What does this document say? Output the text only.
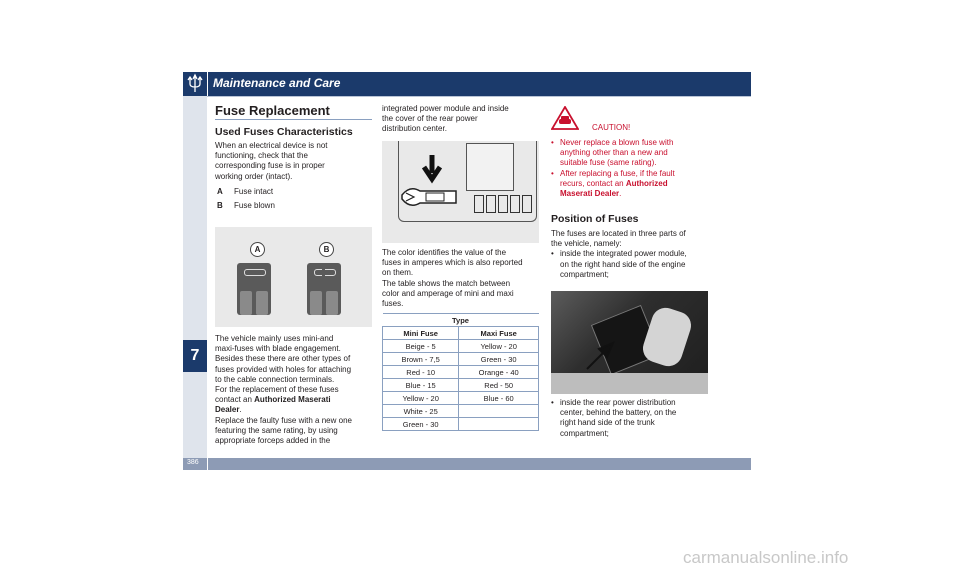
Maintenance and Care
7
Fuse Replacement
Used Fuses Characteristics
When an electrical device is not
functioning, check that the
corresponding fuse is in proper
working order (intact).
A Fuse intact
B Fuse blown
A	B
The vehicle mainly uses mini-and
maxi-fuses with blade engagement.
Besides these there are other types of
fuses provided with holes for attaching
to the cable connection terminals.
For the replacement of these fuses
contact an Authorized Maserati
Dealer.
Replace the faulty fuse with a new one
featuring the same rating, by using
appropriate forceps added in the
integrated power module and inside
the cover of the rear power
distribution center.
The color identifies the value of the
fuses in amperes which is also reported
on them.
The table shows the match between
color and amperage of mini and maxi
fuses.
Type	
Mini Fuse	Maxi Fuse
Beige - 5	Yellow - 20
Brown - 7,5	Green - 30
Red - 10	Orange - 40
Blue - 15	Red - 50
Yellow - 20	Blue - 60
White - 25	
Green - 30	
CAUTION!
• Never replace a blown fuse with
anything other than a new and
suitable fuse (same rating).
• After replacing a fuse, if the fault
recurs, contact an Authorized
Maserati Dealer.
Position of Fuses
The fuses are located in three parts of
the vehicle, namely:
• inside the integrated power module,
on the right hand side of the engine
compartment;
• inside the rear power distribution
center, behind the battery, on the
right hand side of the trunk
compartment;
386
carmanualsonline.info
